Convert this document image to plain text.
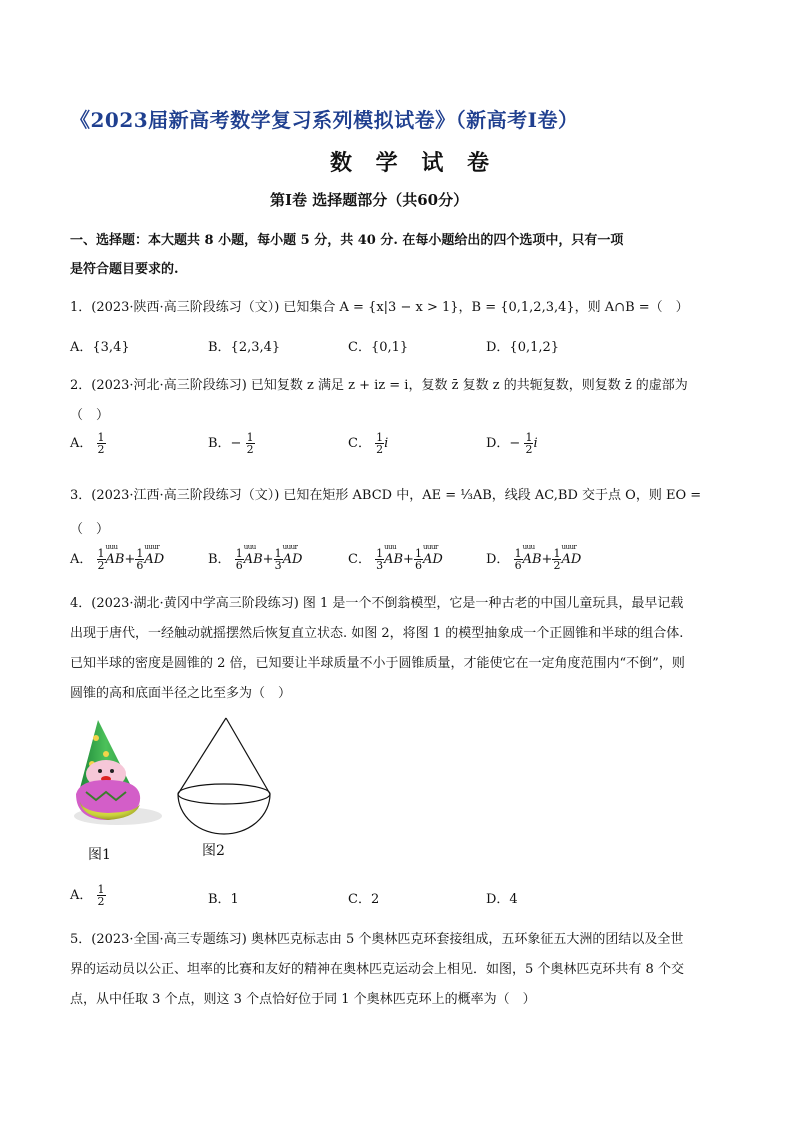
《2023届新高考数学复习系列模拟试卷》（新高考Ⅰ卷）
数 学 试 卷
第Ⅰ卷 选择题部分（共60分）
一、选择题：本大题共 8 小题，每小题 5 分，共 40 分. 在每小题给出的四个选项中，只有一项
是符合题目要求的.
1．(2023·陕西·高三阶段练习（文）) 已知集合 A = {x|3 − x > 1}，B = {0,1,2,3,4}，则 A∩B =（　）
A．{3,4}	B．{2,3,4}	C．{0,1}	D．{0,1,2}
2．(2023·河北·高三阶段练习) 已知复数 z 满足 z + iz = i，复数 z̄ 复数 z 的共轭复数，则复数 z̄ 的虚部为
（　）
A． $\frac{1}{2}$	B．− $\frac{1}{2}$	C． $\frac{1}{2}$ i	D．− $\frac{1}{2}$ i
3．(2023·江西·高三阶段练习（文）) 已知在矩形 ABCD 中，AE = ⅓AB，线段 AC,BD 交于点 O，则 EO =
（　）
A． $\frac{1}{2}$ uuu $AB+ \frac{1}{6}$ uuur AD	B． $\frac{1}{6}$ uuu $AB+ \frac{1}{3}$ uuur AD	C． $\frac{1}{3}$ uuu $AB+ \frac{1}{6}$ uuur AD	D． $\frac{1}{6}$ uuu $AB+ \frac{1}{2}$ uuur AD
4．(2023·湖北·黄冈中学高三阶段练习) 图 1 是一个不倒翁模型，它是一种古老的中国儿童玩具，最早记载
出现于唐代，一经触动就摇摆然后恢复直立状态. 如图 2，将图 1 的模型抽象成一个正圆锥和半球的组合体.
已知半球的密度是圆锥的 2 倍，已知要让半球质量不小于圆锥质量，才能使它在一定角度范围内“不倒”，则
圆锥的高和底面半径之比至多为（　）
图1	图2
A． $\frac{1}{2}$	B．1	C．2	D．4
5．(2023·全国·高三专题练习) 奥林匹克标志由 5 个奥林匹克环套接组成，五环象征五大洲的团结以及全世
界的运动员以公正、坦率的比赛和友好的精神在奥林匹克运动会上相见．如图，5 个奥林匹克环共有 8 个交
点，从中任取 3 个点，则这 3 个点恰好位于同 1 个奥林匹克环上的概率为（　）
